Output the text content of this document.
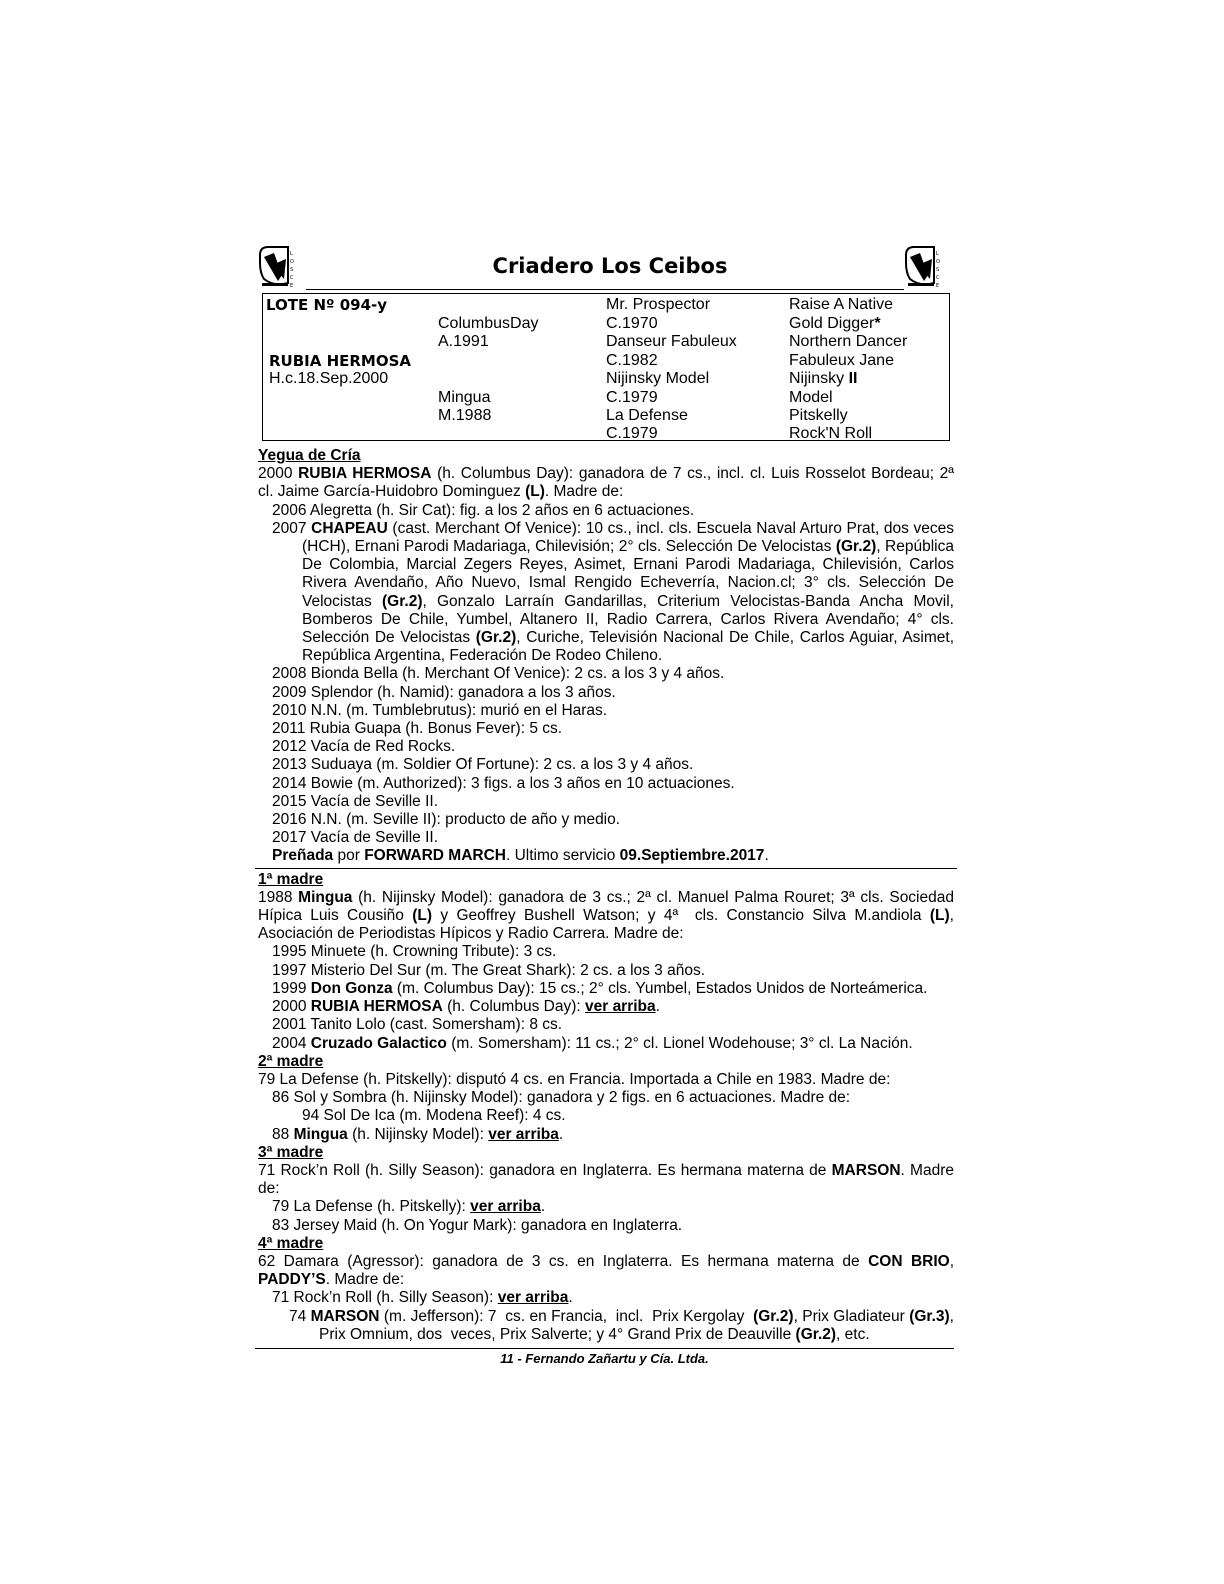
L
O
S
C
E
Criadero Los Ceibos	L
O
S
C
E
LOTE Nº 094-y
RUBIA HERMOSA
H.c.18.Sep.2000
ColumbusDay
A.1991
Mingua
M.1988
Mr. Prospector
C.1970
Danseur Fabuleux
C.1982
Nijinsky Model
C.1979
La Defense
C.1979
Raise A Native
Gold Digger*
Northern Dancer
Fabuleux Jane
Nijinsky II
Model
Pitskelly
Rock'N Roll

Yegua de Cría

2000 RUBIA HERMOSA (h. Columbus Day): ganadora de 7 cs., incl. cl. Luis Rosselot Bordeau; 2ª cl. Jaime García-Huidobro Dominguez (L). Madre de:

2006 Alegretta (h. Sir Cat): fig. a los 2 años en 6 actuaciones.

2007 CHAPEAU (cast. Merchant Of Venice): 10 cs., incl. cls. Escuela Naval Arturo Prat, dos veces (HCH), Ernani Parodi Madariaga, Chilevisión; 2° cls. Selección De Velocistas (Gr.2), República De Colombia, Marcial Zegers Reyes, Asimet, Ernani Parodi Madariaga, Chilevisión, Carlos Rivera Avendaño, Año Nuevo, Ismal Rengido Echeverría, Nacion.cl; 3° cls. Selección De Velocistas (Gr.2), Gonzalo Larraín Gandarillas, Criterium Velocistas-Banda Ancha Movil, Bomberos De Chile, Yumbel, Altanero II, Radio Carrera, Carlos Rivera Avendaño; 4° cls. Selección De Velocistas (Gr.2), Curiche, Televisión Nacional De Chile, Carlos Aguiar, Asimet, República Argentina, Federación De Rodeo Chileno.

2008 Bionda Bella (h. Merchant Of Venice): 2 cs. a los 3 y 4 años.

2009 Splendor (h. Namid): ganadora a los 3 años.

2010 N.N. (m. Tumblebrutus): murió en el Haras.

2011 Rubia Guapa (h. Bonus Fever): 5 cs.

2012 Vacía de Red Rocks.

2013 Suduaya (m. Soldier Of Fortune): 2 cs. a los 3 y 4 años.

2014 Bowie (m. Authorized): 3 figs. a los 3 años en 10 actuaciones.

2015 Vacía de Seville II.

2016 N.N. (m. Seville II): producto de año y medio.

2017 Vacía de Seville II.

Preñada por FORWARD MARCH. Ultimo servicio 09.Septiembre.2017.

1ª madre

1988 Mingua (h. Nijinsky Model): ganadora de 3 cs.; 2ª cl. Manuel Palma Rouret; 3ª cls. Sociedad Hípica Luis Cousiño (L) y Geoffrey Bushell Watson; y 4ª  cls. Constancio Silva M.andiola (L), Asociación de Periodistas Hípicos y Radio Carrera. Madre de:

1995 Minuete (h. Crowning Tribute): 3 cs.

1997 Misterio Del Sur (m. The Great Shark): 2 cs. a los 3 años.

1999 Don Gonza (m. Columbus Day): 15 cs.; 2° cls. Yumbel, Estados Unidos de Norteámerica.

2000 RUBIA HERMOSA (h. Columbus Day): ver arriba.

2001 Tanito Lolo (cast. Somersham): 8 cs.

2004 Cruzado Galactico (m. Somersham): 11 cs.; 2° cl. Lionel Wodehouse; 3° cl. La Nación.

2ª madre

79 La Defense (h. Pitskelly): disputó 4 cs. en Francia. Importada a Chile en 1983. Madre de:

86 Sol y Sombra (h. Nijinsky Model): ganadora y 2 figs. en 6 actuaciones. Madre de:

94 Sol De Ica (m. Modena Reef): 4 cs.

88 Mingua (h. Nijinsky Model): ver arriba.

3ª madre

71 Rock’n Roll (h. Silly Season): ganadora en Inglaterra. Es hermana materna de MARSON. Madre de:

79 La Defense (h. Pitskelly): ver arriba.

83 Jersey Maid (h. On Yogur Mark): ganadora en Inglaterra.

4ª madre

62 Damara (Agressor): ganadora de 3 cs. en Inglaterra. Es hermana materna de CON BRIO, PADDY’S. Madre de:

71 Rock’n Roll (h. Silly Season): ver arriba.

74 MARSON (m. Jefferson): 7  cs. en Francia,  incl.  Prix Kergolay  (Gr.2), Prix Gladiateur (Gr.3), Prix Omnium, dos  veces, Prix Salverte; y 4° Grand Prix de Deauville (Gr.2), etc.

11 - Fernando Zañartu y Cía. Ltda.
